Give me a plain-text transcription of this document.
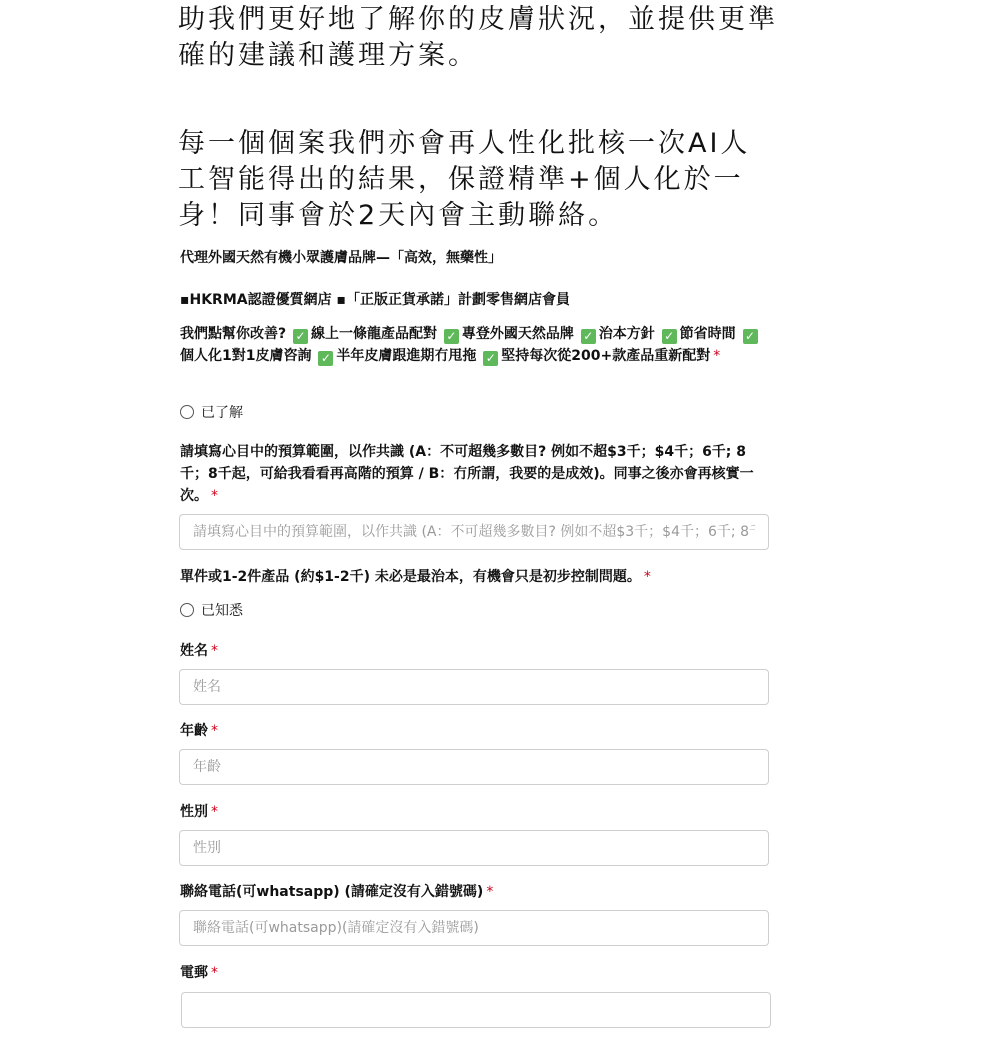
助我們更好地了解你的皮膚狀況，並提供更準確的建議和護理方案。

每一個個案我們亦會再人性化批核一次AI人工智能得出的結果，保證精準+個人化於一身！同事會於2天內會主動聯絡。

代理外國天然有機小眾護膚品牌—「高效，無藥性」

▪HKRMA認證優質網店 ▪「正版正貨承諾」計劃零售網店會員

我們點幫你改善? ✓ 線上一條龍產品配對 ✓ 專登外國天然品牌 ✓ 治本方針 ✓ 節省時間 ✓個人化1對1皮膚咨詢 ✓ 半年皮膚跟進期冇甩拖 ✓ 堅持每次從200+款產品重新配對 *

請填寫心目中的預算範圍，以作共識 (A：不可超幾多數目? 例如不超$3千；$4千；6千; 8千；8千起，可給我看看再高階的預算 / B：冇所謂，我要的是成效)。同事之後亦會再核實一次。 *

單件或1-2件產品 (約$1-2千) 未必是最治本，有機會只是初步控制問題。 *

姓名 *

年齡 *

性別 *

聯絡電話(可whatsapp) (請確定沒有入錯號碼) *

電郵 *

已了解
請填寫心目中的預算範圍，以作共識 (A：不可超幾多數目? 例如不超$3千；$4千；6千; 8千；8千起，可給我看看再高階的預算 / B：冇所謂，我要的是成效)。同事之後亦會再核實一次。
已知悉
姓名
年齡
性別
聯絡電話(可whatsapp)(請確定沒有入錯號碼)
